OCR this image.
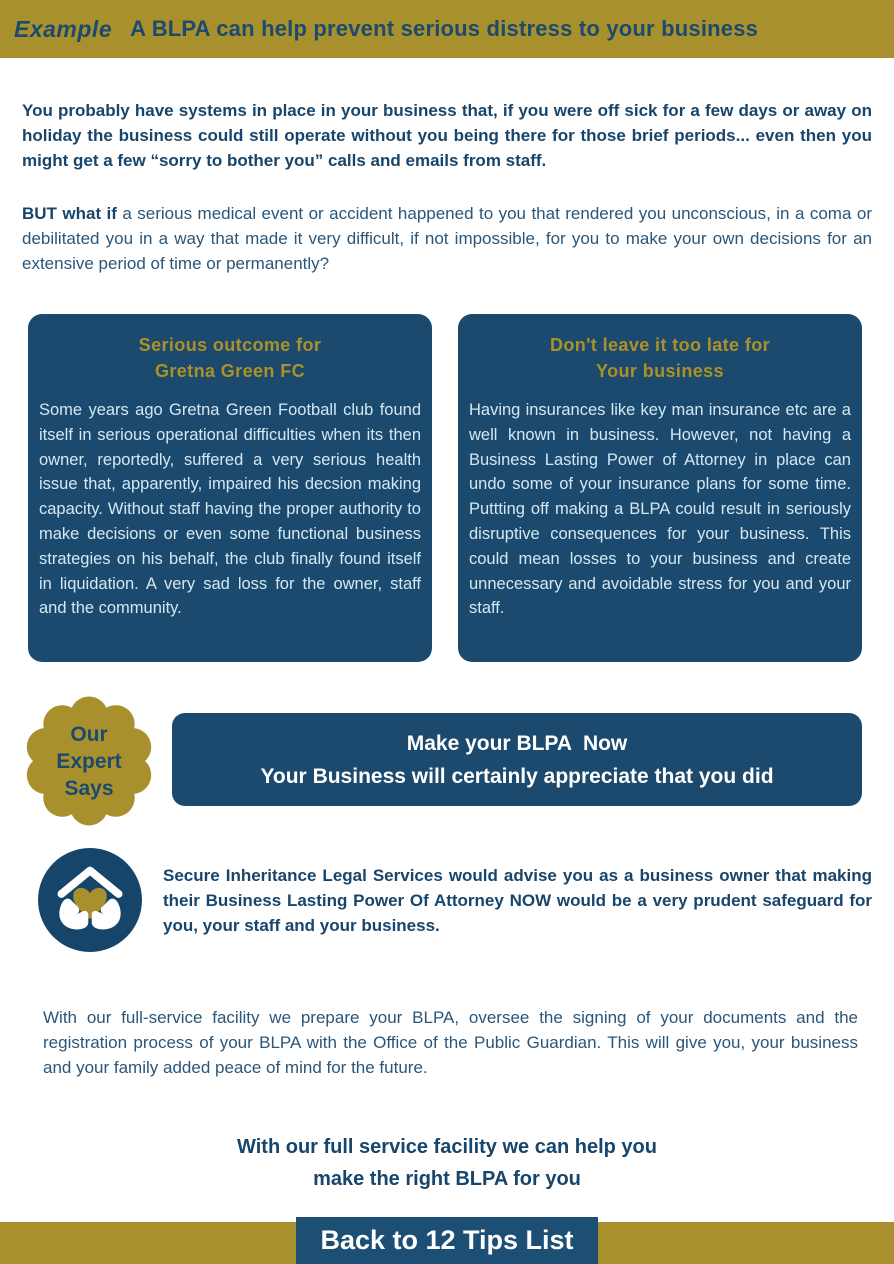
Example A BLPA can help prevent serious distress to your business

You probably have systems in place in your business that, if you were off sick for a few days or away on holiday the business could still operate without you being there for those brief periods... even then you might get a few “sorry to bother you” calls and emails from staff.

BUT what if a serious medical event or accident happened to you that rendered you unconscious, in a coma or debilitated you in a way that made it very difficult, if not impossible, for you to make your own decisions for an extensive period of time or permanently?

Serious outcome for
Gretna Green FC
Some years ago Gretna Green Football club found itself in serious operational difficulties when its then owner, reportedly, suffered a very serious health issue that, apparently, impaired his decsion making capacity. Without staff having the proper authority to make decisions or even some functional business strategies on his behalf, the club finally found itself in liquidation. A very sad loss for the owner, staff and the community.
Don't leave it too late for
Your business
Having insurances like key man insurance etc are a well known in business. However, not having a Business Lasting Power of Attorney in place can undo some of your insurance plans for some time. Puttting off making a BLPA could result in seriously disruptive consequences for your business. This could mean losses to your business and create unnecessary and avoidable stress for you and your staff.
Our
Expert
Says
Make your BLPA  Now
Your Business will certainly appreciate that you did

Secure Inheritance Legal Services would advise you as a business owner that making their Business Lasting Power Of Attorney NOW would be a very prudent safeguard for you, your staff and your business.

With our full-service facility we prepare your BLPA, oversee the signing of your documents and the registration process of your BLPA with the Office of the Public Guardian. This will give you, your business and your family added peace of mind for the future.

With our full service facility we can help you
make the right BLPA for you
Back to 12 Tips List
